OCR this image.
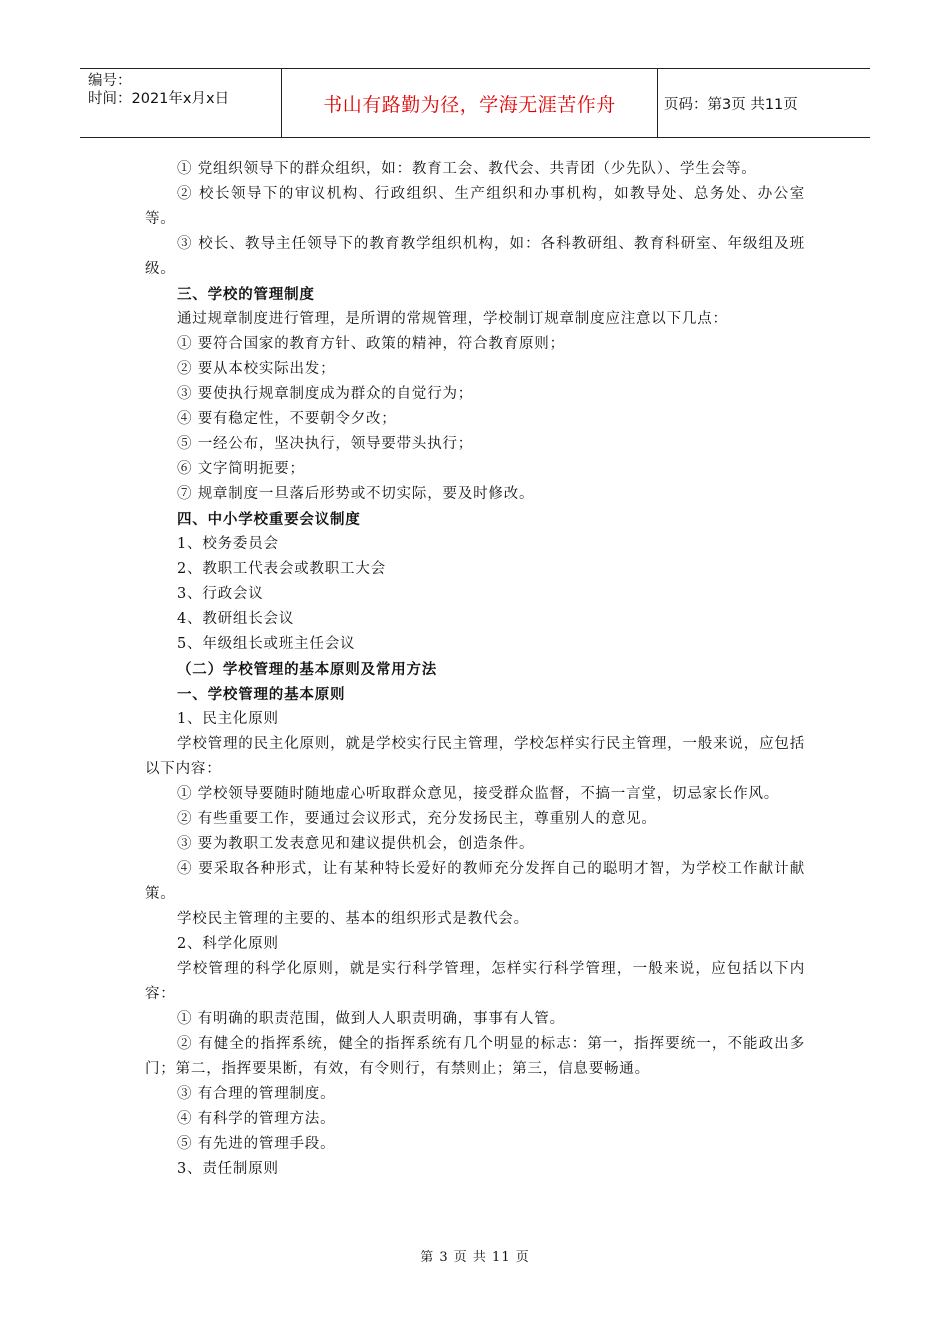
编号：
时间：2021年x月x日	书山有路勤为径，学海无涯苦作舟	页码：第3页 共11页

① 党组织领导下的群众组织，如：教育工会、教代会、共青团（少先队）、学生会等。

② 校长领导下的审议机构、行政组织、生产组织和办事机构，如教导处、总务处、办公室等。

③ 校长、教导主任领导下的教育教学组织机构，如：各科教研组、教育科研室、年级组及班级。

三、学校的管理制度

通过规章制度进行管理，是所谓的常规管理，学校制订规章制度应注意以下几点：

① 要符合国家的教育方针、政策的精神，符合教育原则；

② 要从本校实际出发；

③ 要使执行规章制度成为群众的自觉行为；

④ 要有稳定性，不要朝令夕改；

⑤ 一经公布，坚决执行，领导要带头执行；

⑥ 文字简明扼要；

⑦ 规章制度一旦落后形势或不切实际，要及时修改。

四、中小学校重要会议制度

1、校务委员会

2、教职工代表会或教职工大会

3、行政会议

4、教研组长会议

5、年级组长或班主任会议

（二）学校管理的基本原则及常用方法

一、学校管理的基本原则

1、民主化原则

学校管理的民主化原则，就是学校实行民主管理，学校怎样实行民主管理，一般来说，应包括以下内容：

① 学校领导要随时随地虚心听取群众意见，接受群众监督，不搞一言堂，切忌家长作风。

② 有些重要工作，要通过会议形式，充分发扬民主，尊重别人的意见。

③ 要为教职工发表意见和建议提供机会，创造条件。

④ 要采取各种形式，让有某种特长爱好的教师充分发挥自己的聪明才智，为学校工作献计献策。

学校民主管理的主要的、基本的组织形式是教代会。

2、科学化原则

学校管理的科学化原则，就是实行科学管理，怎样实行科学管理，一般来说，应包括以下内容：

① 有明确的职责范围，做到人人职责明确，事事有人管。

② 有健全的指挥系统，健全的指挥系统有几个明显的标志：第一，指挥要统一，不能政出多门；第二，指挥要果断，有效，有令则行，有禁则止；第三，信息要畅通。

③ 有合理的管理制度。

④ 有科学的管理方法。

⑤ 有先进的管理手段。

3、责任制原则

第 3 页 共 11 页
